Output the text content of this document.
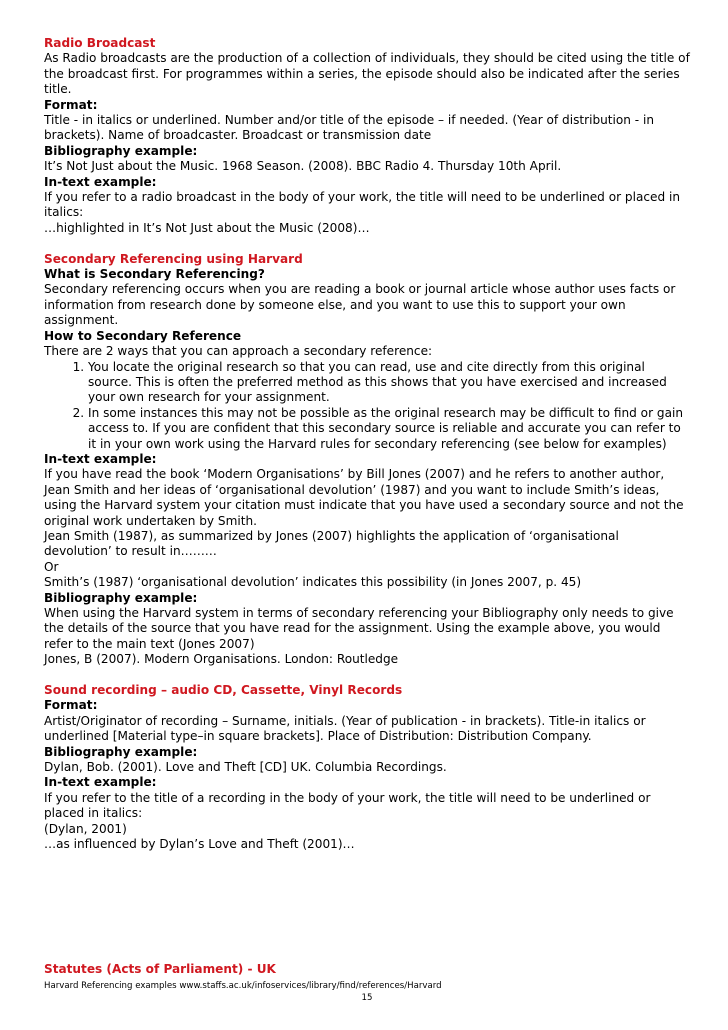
Radio Broadcast

As Radio broadcasts are the production of a collection of individuals, they should be cited using the title of the broadcast first. For programmes within a series, the episode should also be indicated after the series title.

Format:

Title - in italics or underlined. Number and/or title of the episode – if needed. (Year of distribution - in brackets). Name of broadcaster. Broadcast or transmission date

Bibliography example:

It’s Not Just about the Music. 1968 Season. (2008). BBC Radio 4. Thursday 10th April.

In-text example:

If you refer to a radio broadcast in the body of your work, the title will need to be underlined or placed in italics:

…highlighted in It’s Not Just about the Music (2008)…

Secondary Referencing using Harvard

What is Secondary Referencing?

Secondary referencing occurs when you are reading a book or journal article whose author uses facts or information from research done by someone else, and you want to use this to support your own assignment.

How to Secondary Reference

There are 2 ways that you can approach a secondary reference:

1. You locate the original research so that you can read, use and cite directly from this original source. This is often the preferred method as this shows that you have exercised and increased your own research for your assignment.
2. In some instances this may not be possible as the original research may be difficult to find or gain access to. If you are confident that this secondary source is reliable and accurate you can refer to it in your own work using the Harvard rules for secondary referencing (see below for examples)

In-text example:

If you have read the book ‘Modern Organisations’ by Bill Jones (2007) and he refers to another author, Jean Smith and her ideas of ‘organisational devolution’ (1987) and you want to include Smith’s ideas, using the Harvard system your citation must indicate that you have used a secondary source and not the original work undertaken by Smith.

Jean Smith (1987), as summarized by Jones (2007) highlights the application of ‘organisational devolution’ to result in………

Or

Smith’s (1987) ‘organisational devolution’ indicates this possibility (in Jones 2007, p. 45)

Bibliography example:

When using the Harvard system in terms of secondary referencing your Bibliography only needs to give the details of the source that you have read for the assignment. Using the example above, you would refer to the main text (Jones 2007)

Jones, B (2007). Modern Organisations. London: Routledge

Sound recording – audio CD, Cassette, Vinyl Records

Format:

Artist/Originator of recording – Surname, initials. (Year of publication - in brackets). Title-in italics or underlined [Material type–in square brackets]. Place of Distribution: Distribution Company.

Bibliography example:

Dylan, Bob. (2001). Love and Theft [CD] UK. Columbia Recordings.

In-text example:

If you refer to the title of a recording in the body of your work, the title will need to be underlined or placed in italics:

(Dylan, 2001)

…as influenced by Dylan’s Love and Theft (2001)…

Statutes (Acts of Parliament) - UK

Harvard Referencing examples www.staffs.ac.uk/infoservices/library/find/references/Harvard
15
